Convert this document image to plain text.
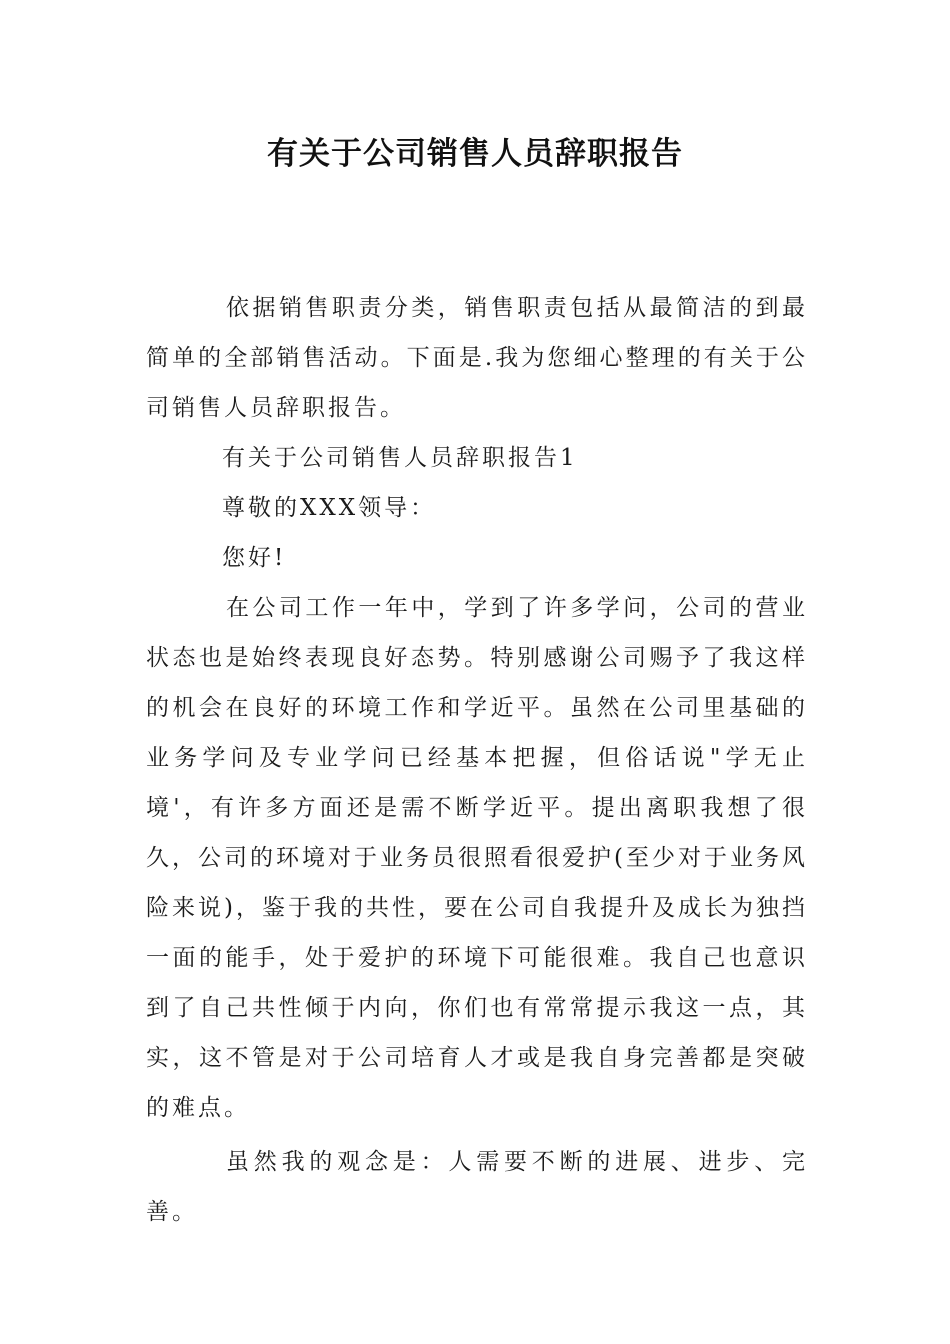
有关于公司销售人员辞职报告

依据销售职责分类，销售职责包括从最简洁的到最简单的全部销售活动。下面是.我为您细心整理的有关于公司销售人员辞职报告。

有关于公司销售人员辞职报告1

尊敬的XXX领导：

您好!

在公司工作一年中，学到了许多学问，公司的营业状态也是始终表现良好态势。特别感谢公司赐予了我这样的机会在良好的环境工作和学近平。虽然在公司里基础的业务学问及专业学问已经基本把握，但俗话说"学无止境'，有许多方面还是需不断学近平。提出离职我想了很久，公司的环境对于业务员很照看很爱护(至少对于业务风险来说)，鉴于我的共性，要在公司自我提升及成长为独挡一面的能手，处于爱护的环境下可能很难。我自己也意识到了自己共性倾于内向，你们也有常常提示我这一点，其实，这不管是对于公司培育人才或是我自身完善都是突破的难点。

虽然我的观念是：人需要不断的进展、进步、完善。
